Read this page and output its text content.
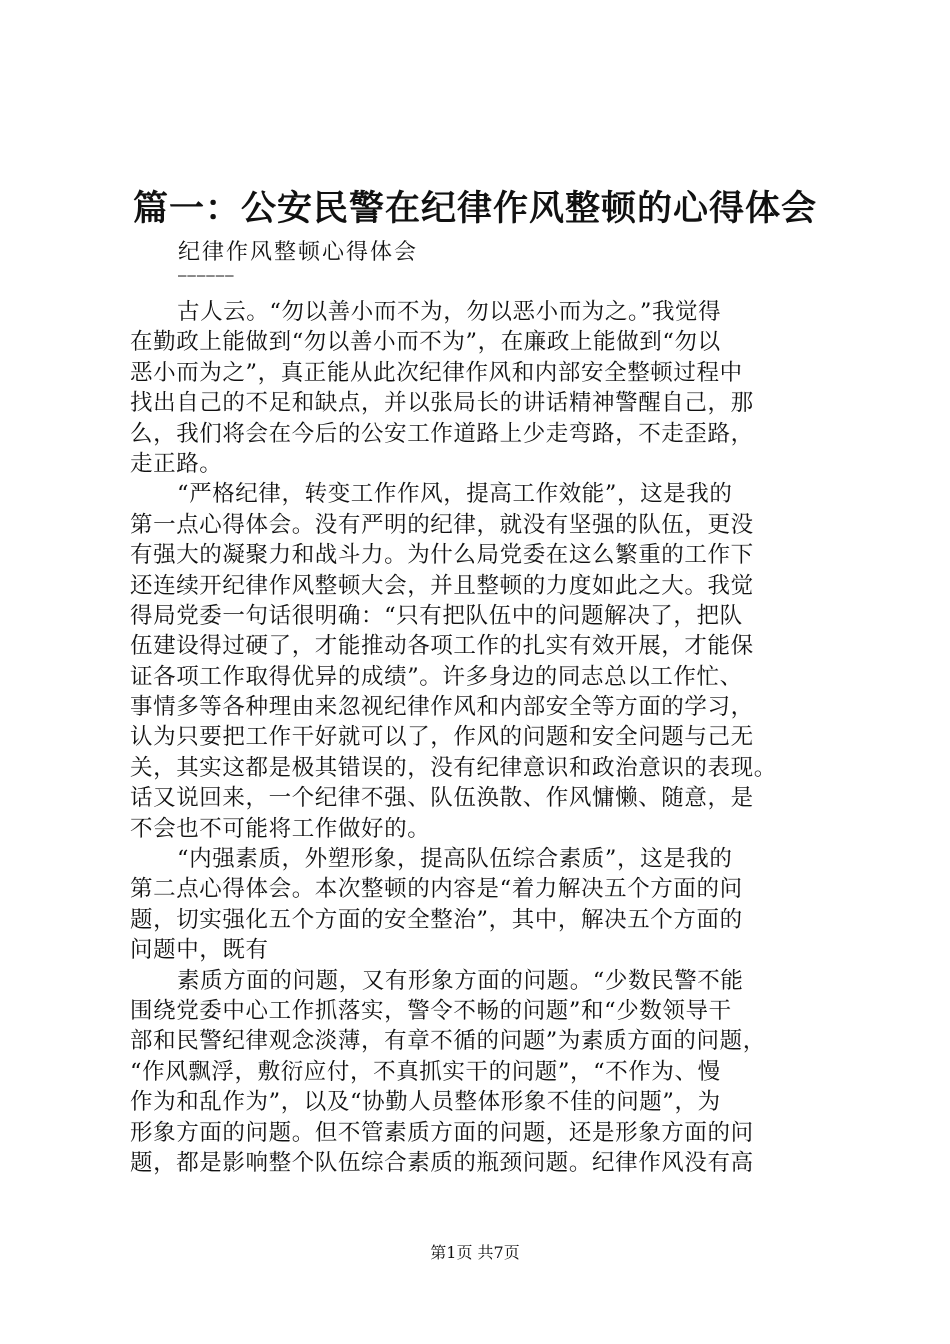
篇一：公安民警在纪律作风整顿的心得体会
纪律作风整顿心得体会
——————
古人云。“勿以善小而不为，勿以恶小而为之。”我觉得
在勤政上能做到“勿以善小而不为”，在廉政上能做到“勿以
恶小而为之”，真正能从此次纪律作风和内部安全整顿过程中
找出自己的不足和缺点，并以张局长的讲话精神警醒自己，那
么，我们将会在今后的公安工作道路上少走弯路，不走歪路，
走正路。
“严格纪律，转变工作作风，提高工作效能”，这是我的
第一点心得体会。没有严明的纪律，就没有坚强的队伍，更没
有强大的凝聚力和战斗力。为什么局党委在这么繁重的工作下
还连续开纪律作风整顿大会，并且整顿的力度如此之大。我觉
得局党委一句话很明确：“只有把队伍中的问题解决了，把队
伍建设得过硬了，才能推动各项工作的扎实有效开展，才能保
证各项工作取得优异的成绩”。许多身边的同志总以工作忙、
事情多等各种理由来忽视纪律作风和内部安全等方面的学习，
认为只要把工作干好就可以了，作风的问题和安全问题与己无
关，其实这都是极其错误的，没有纪律意识和政治意识的表现。
话又说回来，一个纪律不强、队伍涣散、作风慵懒、随意，是
不会也不可能将工作做好的。
“内强素质，外塑形象，提高队伍综合素质”，这是我的
第二点心得体会。本次整顿的内容是“着力解决五个方面的问
题，切实强化五个方面的安全整治”，其中，解决五个方面的
问题中，既有
素质方面的问题，又有形象方面的问题。“少数民警不能
围绕党委中心工作抓落实，警令不畅的问题”和“少数领导干
部和民警纪律观念淡薄，有章不循的问题”为素质方面的问题，
“作风飘浮，敷衍应付，不真抓实干的问题”，“不作为、慢
作为和乱作为”，以及“协勤人员整体形象不佳的问题”，为
形象方面的问题。但不管素质方面的问题，还是形象方面的问
题，都是影响整个队伍综合素质的瓶颈问题。纪律作风没有高
第1页 共7页
